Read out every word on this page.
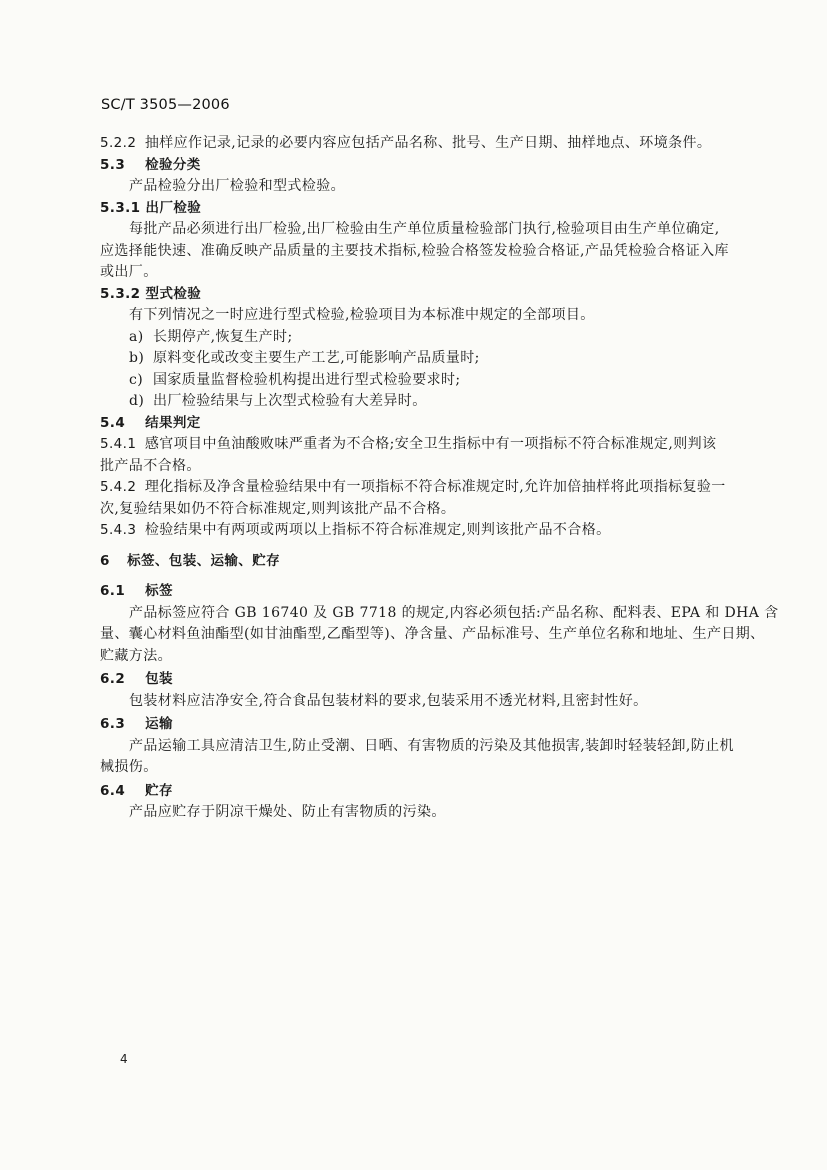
SC/T 3505—2006
5.2.2 抽样应作记录,记录的必要内容应包括产品名称、批号、生产日期、抽样地点、环境条件。
5.3 检验分类
产品检验分出厂检验和型式检验。
5.3.1 出厂检验
每批产品必须进行出厂检验,出厂检验由生产单位质量检验部门执行,检验项目由生产单位确定,
应选择能快速、准确反映产品质量的主要技术指标,检验合格签发检验合格证,产品凭检验合格证入库
或出厂。
5.3.2 型式检验
有下列情况之一时应进行型式检验,检验项目为本标准中规定的全部项目。
a) 长期停产,恢复生产时;
b) 原料变化或改变主要生产工艺,可能影响产品质量时;
c) 国家质量监督检验机构提出进行型式检验要求时;
d) 出厂检验结果与上次型式检验有大差异时。
5.4 结果判定
5.4.1 感官项目中鱼油酸败味严重者为不合格;安全卫生指标中有一项指标不符合标准规定,则判该
批产品不合格。
5.4.2 理化指标及净含量检验结果中有一项指标不符合标准规定时,允许加倍抽样将此项指标复验一
次,复验结果如仍不符合标准规定,则判该批产品不合格。
5.4.3 检验结果中有两项或两项以上指标不符合标准规定,则判该批产品不合格。
6 标签、包装、运输、贮存
6.1 标签
产品标签应符合 GB 16740 及 GB 7718 的规定,内容必须包括:产品名称、配料表、EPA 和 DHA 含
量、囊心材料鱼油酯型(如甘油酯型,乙酯型等)、净含量、产品标准号、生产单位名称和地址、生产日期、
贮藏方法。
6.2 包装
包装材料应洁净安全,符合食品包装材料的要求,包装采用不透光材料,且密封性好。
6.3 运输
产品运输工具应清洁卫生,防止受潮、日晒、有害物质的污染及其他损害,装卸时轻装轻卸,防止机
械损伤。
6.4 贮存
产品应贮存于阴凉干燥处、防止有害物质的污染。
4
